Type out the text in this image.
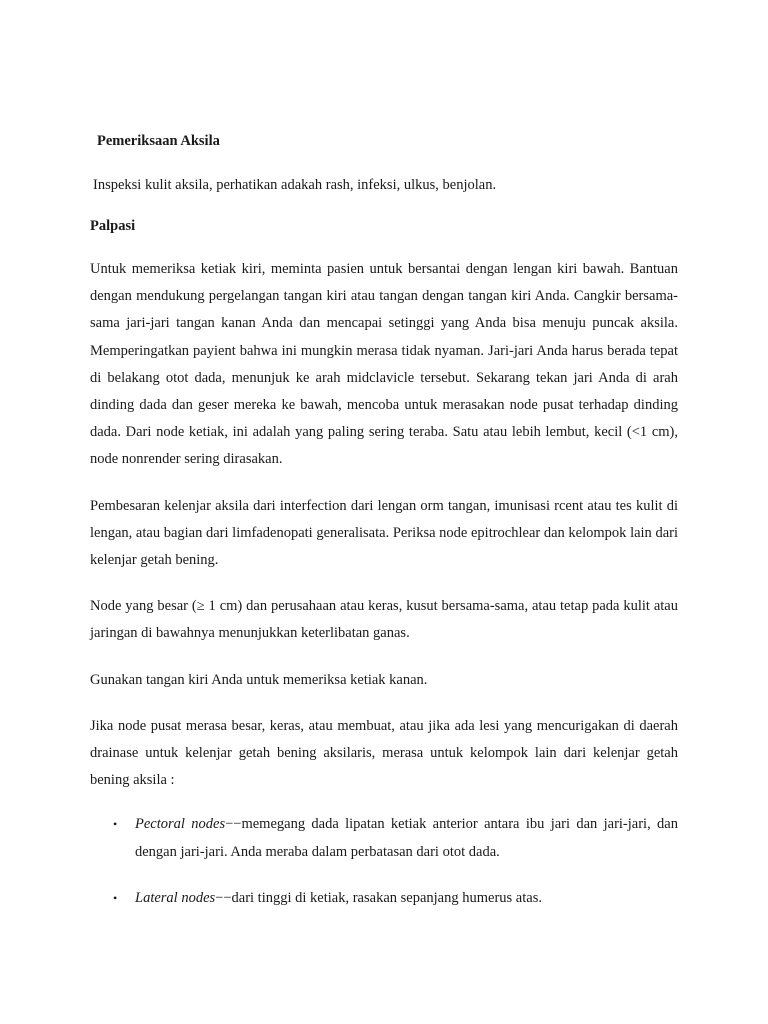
Pemeriksaan Aksila
Inspeksi kulit aksila, perhatikan adakah rash, infeksi, ulkus, benjolan.
Palpasi

Untuk memeriksa ketiak kiri, meminta pasien untuk bersantai dengan lengan kiri bawah. Bantuan dengan mendukung pergelangan tangan kiri atau tangan dengan tangan kiri Anda. Cangkir bersama-sama jari-jari tangan kanan Anda dan mencapai setinggi yang Anda bisa menuju puncak aksila. Memperingatkan payient bahwa ini mungkin merasa tidak nyaman. Jari-jari Anda harus berada tepat di belakang otot dada, menunjuk ke arah midclavicle tersebut. Sekarang tekan jari Anda di arah dinding dada dan geser mereka ke bawah, mencoba untuk merasakan node pusat terhadap dinding dada. Dari node ketiak, ini adalah yang paling sering teraba. Satu atau lebih lembut, kecil (<1 cm), node nonrender sering dirasakan.

Pembesaran kelenjar aksila dari interfection dari lengan orm tangan, imunisasi rcent atau tes kulit di lengan, atau bagian dari limfadenopati generalisata. Periksa node epitrochlear dan kelompok lain dari kelenjar getah bening.

Node yang besar (≥ 1 cm) dan perusahaan atau keras, kusut bersama-sama, atau tetap pada kulit atau jaringan di bawahnya menunjukkan keterlibatan ganas.

Gunakan tangan kiri Anda untuk memeriksa ketiak kanan.

Jika node pusat merasa besar, keras, atau membuat, atau jika ada lesi yang mencurigakan di daerah drainase untuk kelenjar getah bening aksilaris, merasa untuk kelompok lain dari kelenjar getah bening aksila :

• Pectoral nodes−−memegang dada lipatan ketiak anterior antara ibu jari dan jari-jari, dan dengan jari-jari. Anda meraba dalam perbatasan dari otot dada.
• Lateral nodes−−dari tinggi di ketiak, rasakan sepanjang humerus atas.
